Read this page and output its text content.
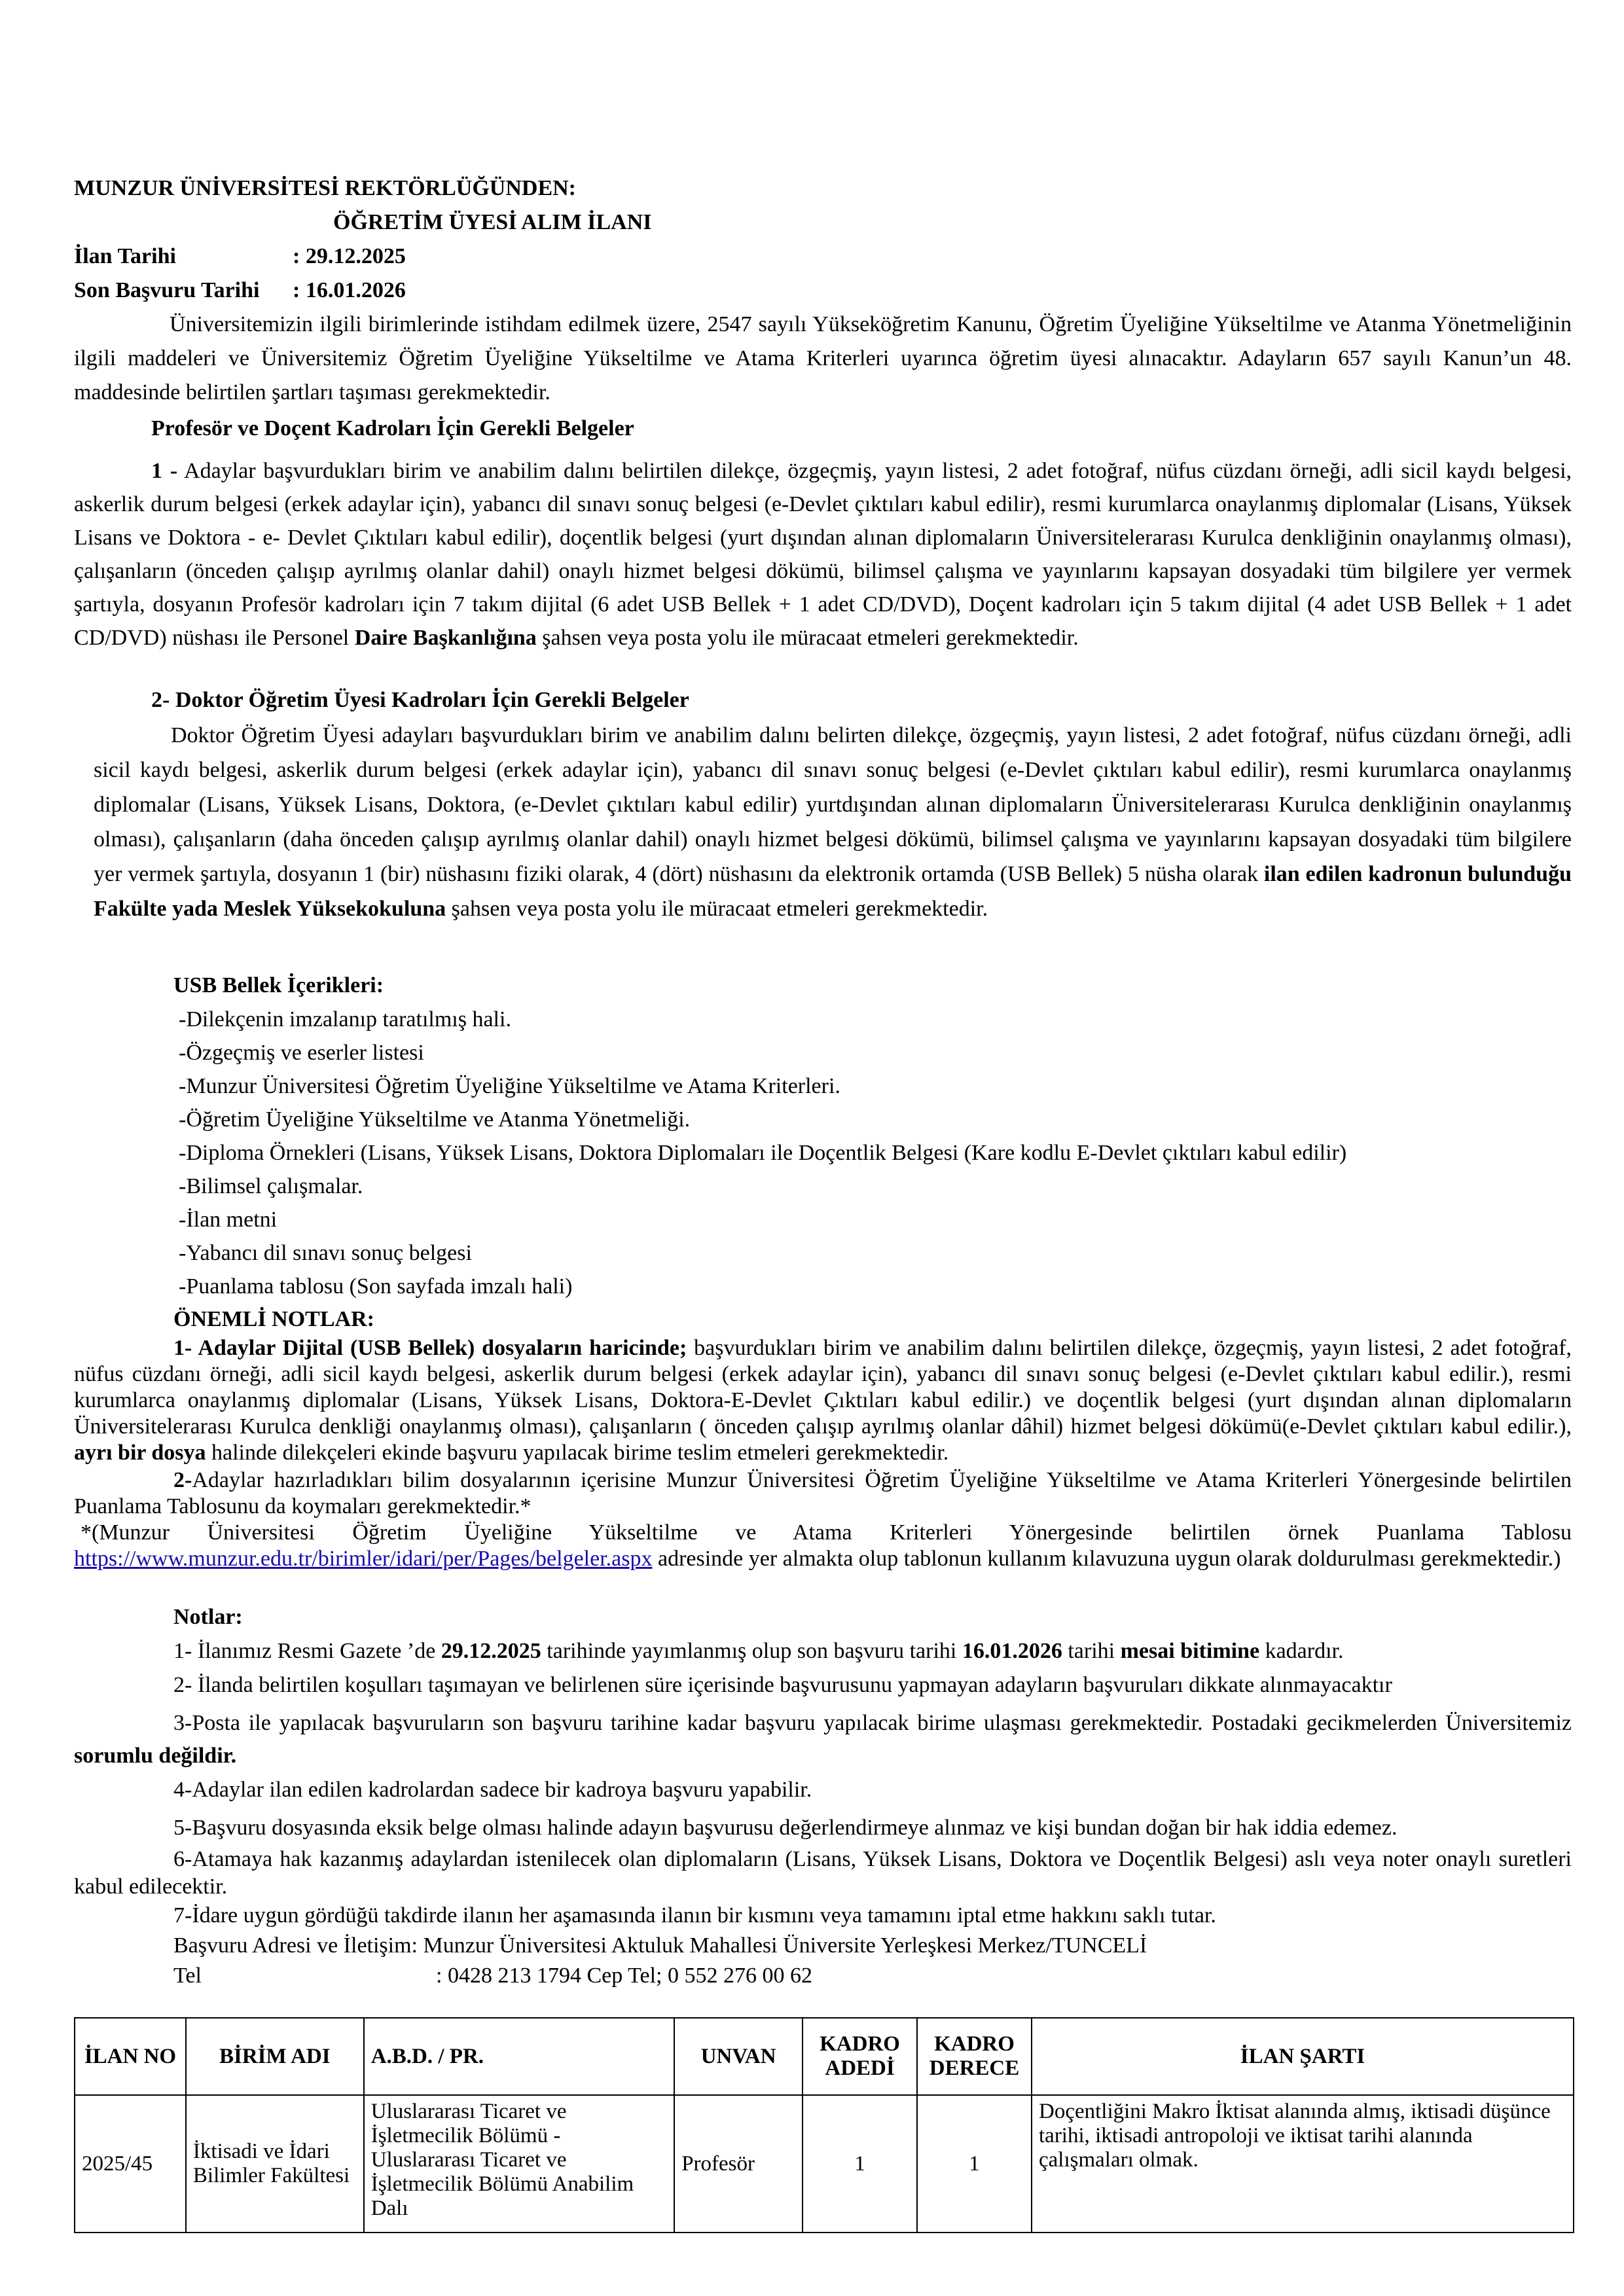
MUNZUR ÜNİVERSİTESİ REKTÖRLÜĞÜNDEN:
ÖĞRETİM ÜYESİ ALIM İLANI
İlan Tarihi	: 29.12.2025
Son Başvuru Tarihi : 16.01.2026
Üniversitemizin ilgili birimlerinde istihdam edilmek üzere, 2547 sayılı Yükseköğretim Kanunu, Öğretim Üyeliğine Yükseltilme ve Atanma Yönetmeliğinin ilgili maddeleri ve Üniversitemiz Öğretim Üyeliğine Yükseltilme ve Atama Kriterleri uyarınca öğretim üyesi alınacaktır. Adayların 657 sayılı Kanun’un 48. maddesinde belirtilen şartları taşıması gerekmektedir.
Profesör ve Doçent Kadroları İçin Gerekli Belgeler
1 - Adaylar başvurdukları birim ve anabilim dalını belirtilen dilekçe, özgeçmiş, yayın listesi, 2 adet fotoğraf, nüfus cüzdanı örneği, adli sicil kaydı belgesi, askerlik durum belgesi (erkek adaylar için), yabancı dil sınavı sonuç belgesi (e-Devlet çıktıları kabul edilir), resmi kurumlarca onaylanmış diplomalar (Lisans, Yüksek Lisans ve Doktora - e- Devlet Çıktıları kabul edilir), doçentlik belgesi (yurt dışından alınan diplomaların Üniversitelerarası Kurulca denkliğinin onaylanmış olması), çalışanların (önceden çalışıp ayrılmış olanlar dahil) onaylı hizmet belgesi dökümü, bilimsel çalışma ve yayınlarını kapsayan dosyadaki tüm bilgilere yer vermek şartıyla, dosyanın Profesör kadroları için 7 takım dijital (6 adet USB Bellek + 1 adet CD/DVD), Doçent kadroları için 5 takım dijital (4 adet USB Bellek + 1 adet CD/DVD) nüshası ile Personel Daire Başkanlığına şahsen veya posta yolu ile müracaat etmeleri gerekmektedir.
2- Doktor Öğretim Üyesi Kadroları İçin Gerekli Belgeler
Doktor Öğretim Üyesi adayları başvurdukları birim ve anabilim dalını belirten dilekçe, özgeçmiş, yayın listesi, 2 adet fotoğraf, nüfus cüzdanı örneği, adli sicil kaydı belgesi, askerlik durum belgesi (erkek adaylar için), yabancı dil sınavı sonuç belgesi (e-Devlet çıktıları kabul edilir), resmi kurumlarca onaylanmış diplomalar (Lisans, Yüksek Lisans, Doktora, (e-Devlet çıktıları kabul edilir) yurtdışından alınan diplomaların Üniversitelerarası Kurulca denkliğinin onaylanmış olması), çalışanların (daha önceden çalışıp ayrılmış olanlar dahil) onaylı hizmet belgesi dökümü, bilimsel çalışma ve yayınlarını kapsayan dosyadaki tüm bilgilere yer vermek şartıyla, dosyanın 1 (bir) nüshasını fiziki olarak, 4 (dört) nüshasını da elektronik ortamda (USB Bellek) 5 nüsha olarak ilan edilen kadronun bulunduğu Fakülte yada Meslek Yüksekokuluna şahsen veya posta yolu ile müracaat etmeleri gerekmektedir.
USB Bellek İçerikleri:
-Dilekçenin imzalanıp taratılmış hali.
-Özgeçmiş ve eserler listesi
-Munzur Üniversitesi Öğretim Üyeliğine Yükseltilme ve Atama Kriterleri.
-Öğretim Üyeliğine Yükseltilme ve Atanma Yönetmeliği.
-Diploma Örnekleri (Lisans, Yüksek Lisans, Doktora Diplomaları ile Doçentlik Belgesi (Kare kodlu E-Devlet çıktıları kabul edilir)
-Bilimsel çalışmalar.
-İlan metni
-Yabancı dil sınavı sonuç belgesi
-Puanlama tablosu (Son sayfada imzalı hali)
ÖNEMLİ NOTLAR:
1- Adaylar Dijital (USB Bellek) dosyaların haricinde; başvurdukları birim ve anabilim dalını belirtilen dilekçe, özgeçmiş, yayın listesi, 2 adet fotoğraf, nüfus cüzdanı örneği, adli sicil kaydı belgesi, askerlik durum belgesi (erkek adaylar için), yabancı dil sınavı sonuç belgesi (e-Devlet çıktıları kabul edilir.), resmi kurumlarca onaylanmış diplomalar (Lisans, Yüksek Lisans, Doktora-E-Devlet Çıktıları kabul edilir.) ve doçentlik belgesi (yurt dışından alınan diplomaların Üniversitelerarası Kurulca denkliği onaylanmış olması), çalışanların ( önceden çalışıp ayrılmış olanlar dâhil) hizmet belgesi dökümü(e-Devlet çıktıları kabul edilir.), ayrı bir dosya halinde dilekçeleri ekinde başvuru yapılacak birime teslim etmeleri gerekmektedir.
2-Adaylar hazırladıkları bilim dosyalarının içerisine Munzur Üniversitesi Öğretim Üyeliğine Yükseltilme ve Atama Kriterleri Yönergesinde belirtilen Puanlama Tablosunu da koymaları gerekmektedir.*
*(Munzur Üniversitesi Öğretim Üyeliğine Yükseltilme ve Atama Kriterleri Yönergesinde belirtilen örnek Puanlama Tablosu https://www.munzur.edu.tr/birimler/idari/per/Pages/belgeler.aspx adresinde yer almakta olup tablonun kullanım kılavuzuna uygun olarak doldurulması gerekmektedir.)
Notlar:
1- İlanımız Resmi Gazete ’de 29.12.2025 tarihinde yayımlanmış olup son başvuru tarihi 16.01.2026 tarihi mesai bitimine kadardır.
2- İlanda belirtilen koşulları taşımayan ve belirlenen süre içerisinde başvurusunu yapmayan adayların başvuruları dikkate alınmayacaktır
3-Posta ile yapılacak başvuruların son başvuru tarihine kadar başvuru yapılacak birime ulaşması gerekmektedir. Postadaki gecikmelerden Üniversitemiz sorumlu değildir.
4-Adaylar ilan edilen kadrolardan sadece bir kadroya başvuru yapabilir.
5-Başvuru dosyasında eksik belge olması halinde adayın başvurusu değerlendirmeye alınmaz ve kişi bundan doğan bir hak iddia edemez.
6-Atamaya hak kazanmış adaylardan istenilecek olan diplomaların (Lisans, Yüksek Lisans, Doktora ve Doçentlik Belgesi) aslı veya noter onaylı suretleri kabul edilecektir.
7-İdare uygun gördüğü takdirde ilanın her aşamasında ilanın bir kısmını veya tamamını iptal etme hakkını saklı tutar.
Başvuru Adresi ve İletişim: Munzur Üniversitesi Aktuluk Mahallesi Üniversite Yerleşkesi Merkez/TUNCELİ
Tel	: 0428 213 1794 Cep Tel; 0 552 276 00 62
İLAN NO	BİRİM ADI	A.B.D. / PR.	UNVAN	KADRO ADEDİ	KADRO DERECE	İLAN ŞARTI
2025/45	İktisadi ve İdari Bilimler Fakültesi	Uluslararası Ticaret ve İşletmecilik Bölümü - Uluslararası Ticaret ve İşletmecilik Bölümü Anabilim Dalı	Profesör	1	1	Doçentliğini Makro İktisat alanında almış, iktisadi düşünce tarihi, iktisadi antropoloji ve iktisat tarihi alanında çalışmaları olmak.
